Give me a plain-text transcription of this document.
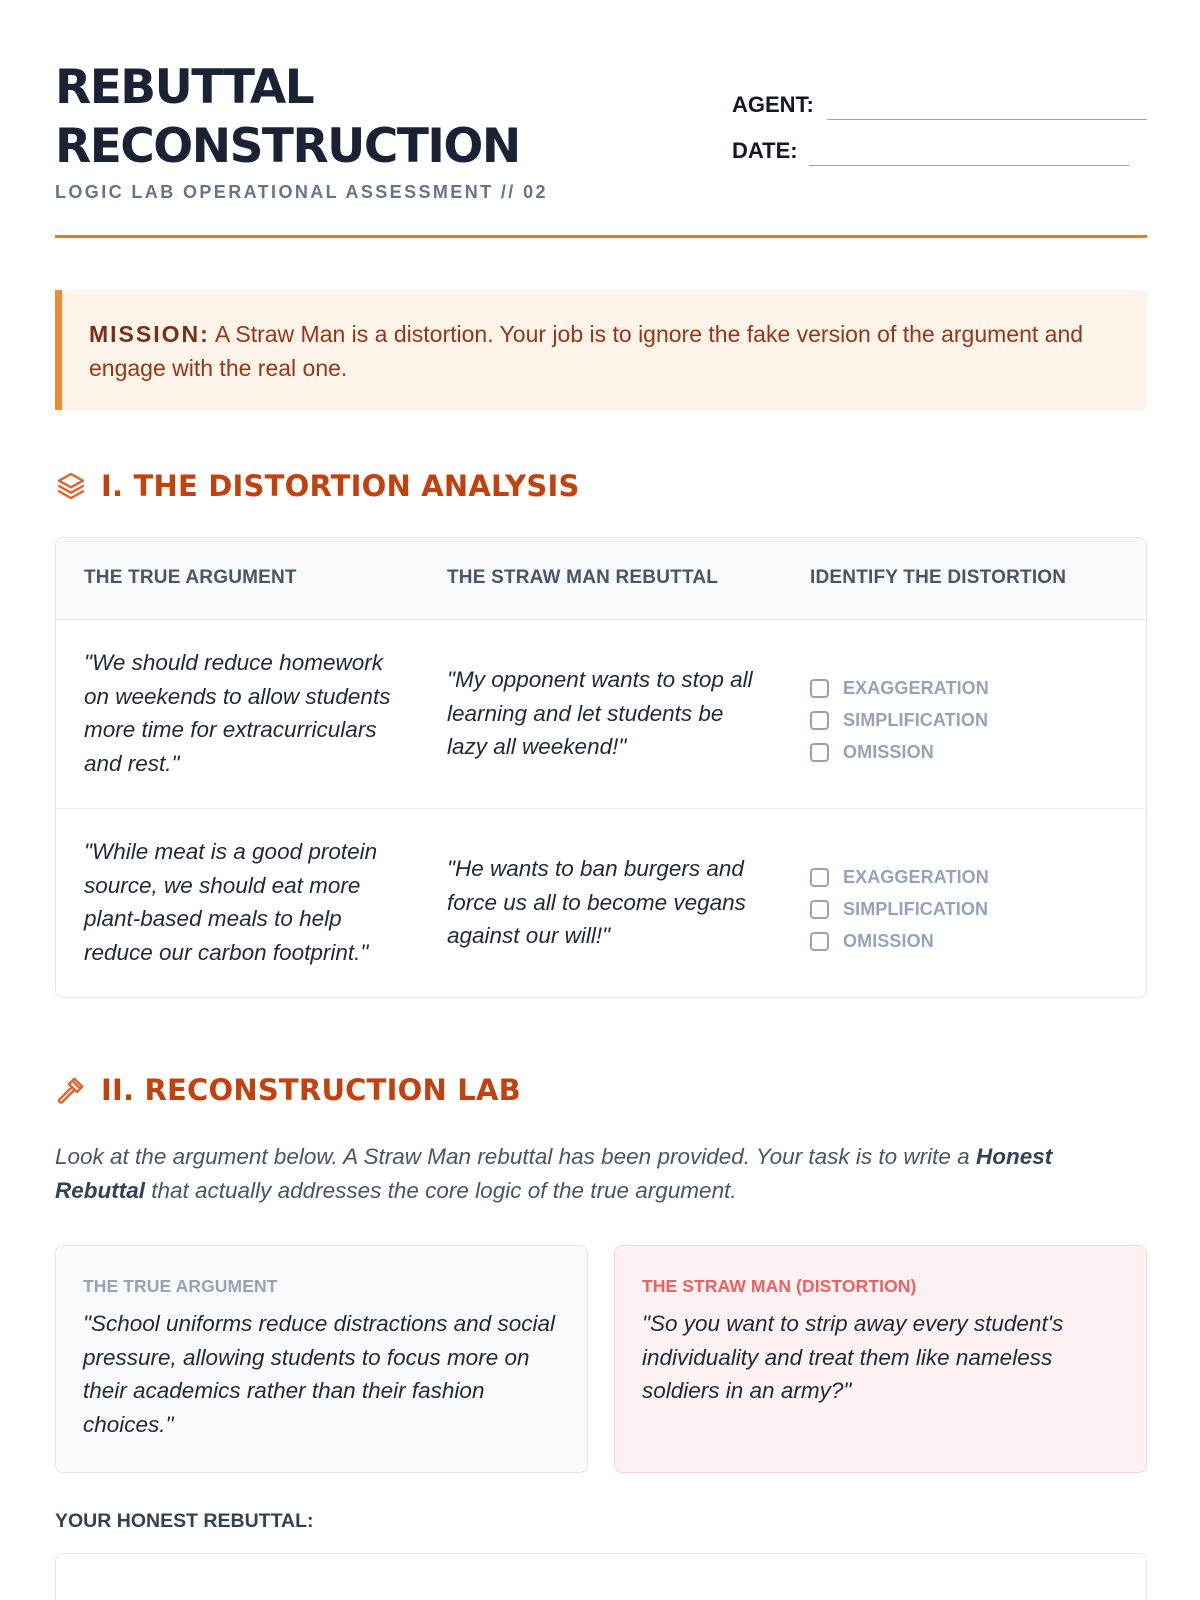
REBUTTAL
RECONSTRUCTION
LOGIC LAB OPERATIONAL ASSESSMENT // 02
AGENT:
DATE:
MISSION: A Straw Man is a distortion. Your job is to ignore the fake version of the argument and engage with the real one.
I. THE DISTORTION ANALYSIS
THE TRUE ARGUMENT	THE STRAW MAN REBUTTAL	IDENTIFY THE DISTORTION
"We should reduce homework on weekends to allow students more time for extracurriculars and rest."
"My opponent wants to stop all learning and let students be lazy all weekend!"
EXAGGERATION
SIMPLIFICATION
OMISSION
"While meat is a good protein source, we should eat more plant-based meals to help reduce our carbon footprint."
"He wants to ban burgers and force us all to become vegans against our will!"
EXAGGERATION
SIMPLIFICATION
OMISSION
II. RECONSTRUCTION LAB
Look at the argument below. A Straw Man rebuttal has been provided. Your task is to write a Honest Rebuttal that actually addresses the core logic of the true argument.
THE TRUE ARGUMENT
"School uniforms reduce distractions and social pressure, allowing students to focus more on their academics rather than their fashion choices."
THE STRAW MAN (DISTORTION)
"So you want to strip away every student's individuality and treat them like nameless soldiers in an army?"
YOUR HONEST REBUTTAL:
